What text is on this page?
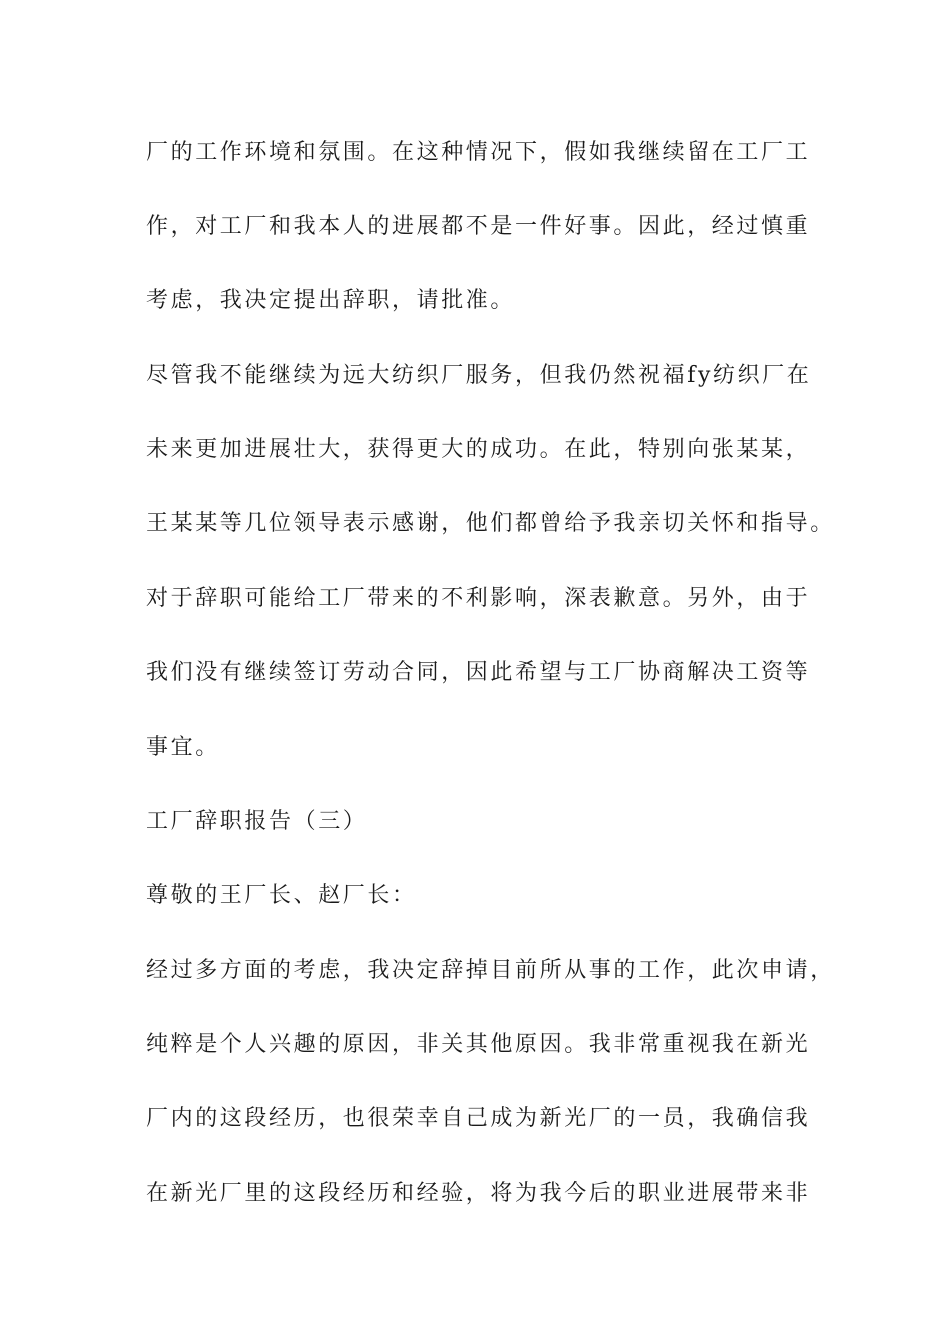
厂的工作环境和氛围。在这种情况下，假如我继续留在工厂工
作，对工厂和我本人的进展都不是一件好事。因此，经过慎重
考虑，我决定提出辞职，请批准。
尽管我不能继续为远大纺织厂服务，但我仍然祝福fy纺织厂在
未来更加进展壮大，获得更大的成功。在此，特别向张某某，
王某某等几位领导表示感谢，他们都曾给予我亲切关怀和指导。
对于辞职可能给工厂带来的不利影响，深表歉意。另外，由于
我们没有继续签订劳动合同，因此希望与工厂协商解决工资等
事宜。
工厂辞职报告（三）
尊敬的王厂长、赵厂长：
经过多方面的考虑，我决定辞掉目前所从事的工作，此次申请，
纯粹是个人兴趣的原因，非关其他原因。我非常重视我在新光
厂内的这段经历，也很荣幸自己成为新光厂的一员，我确信我
在新光厂里的这段经历和经验，将为我今后的职业进展带来非
